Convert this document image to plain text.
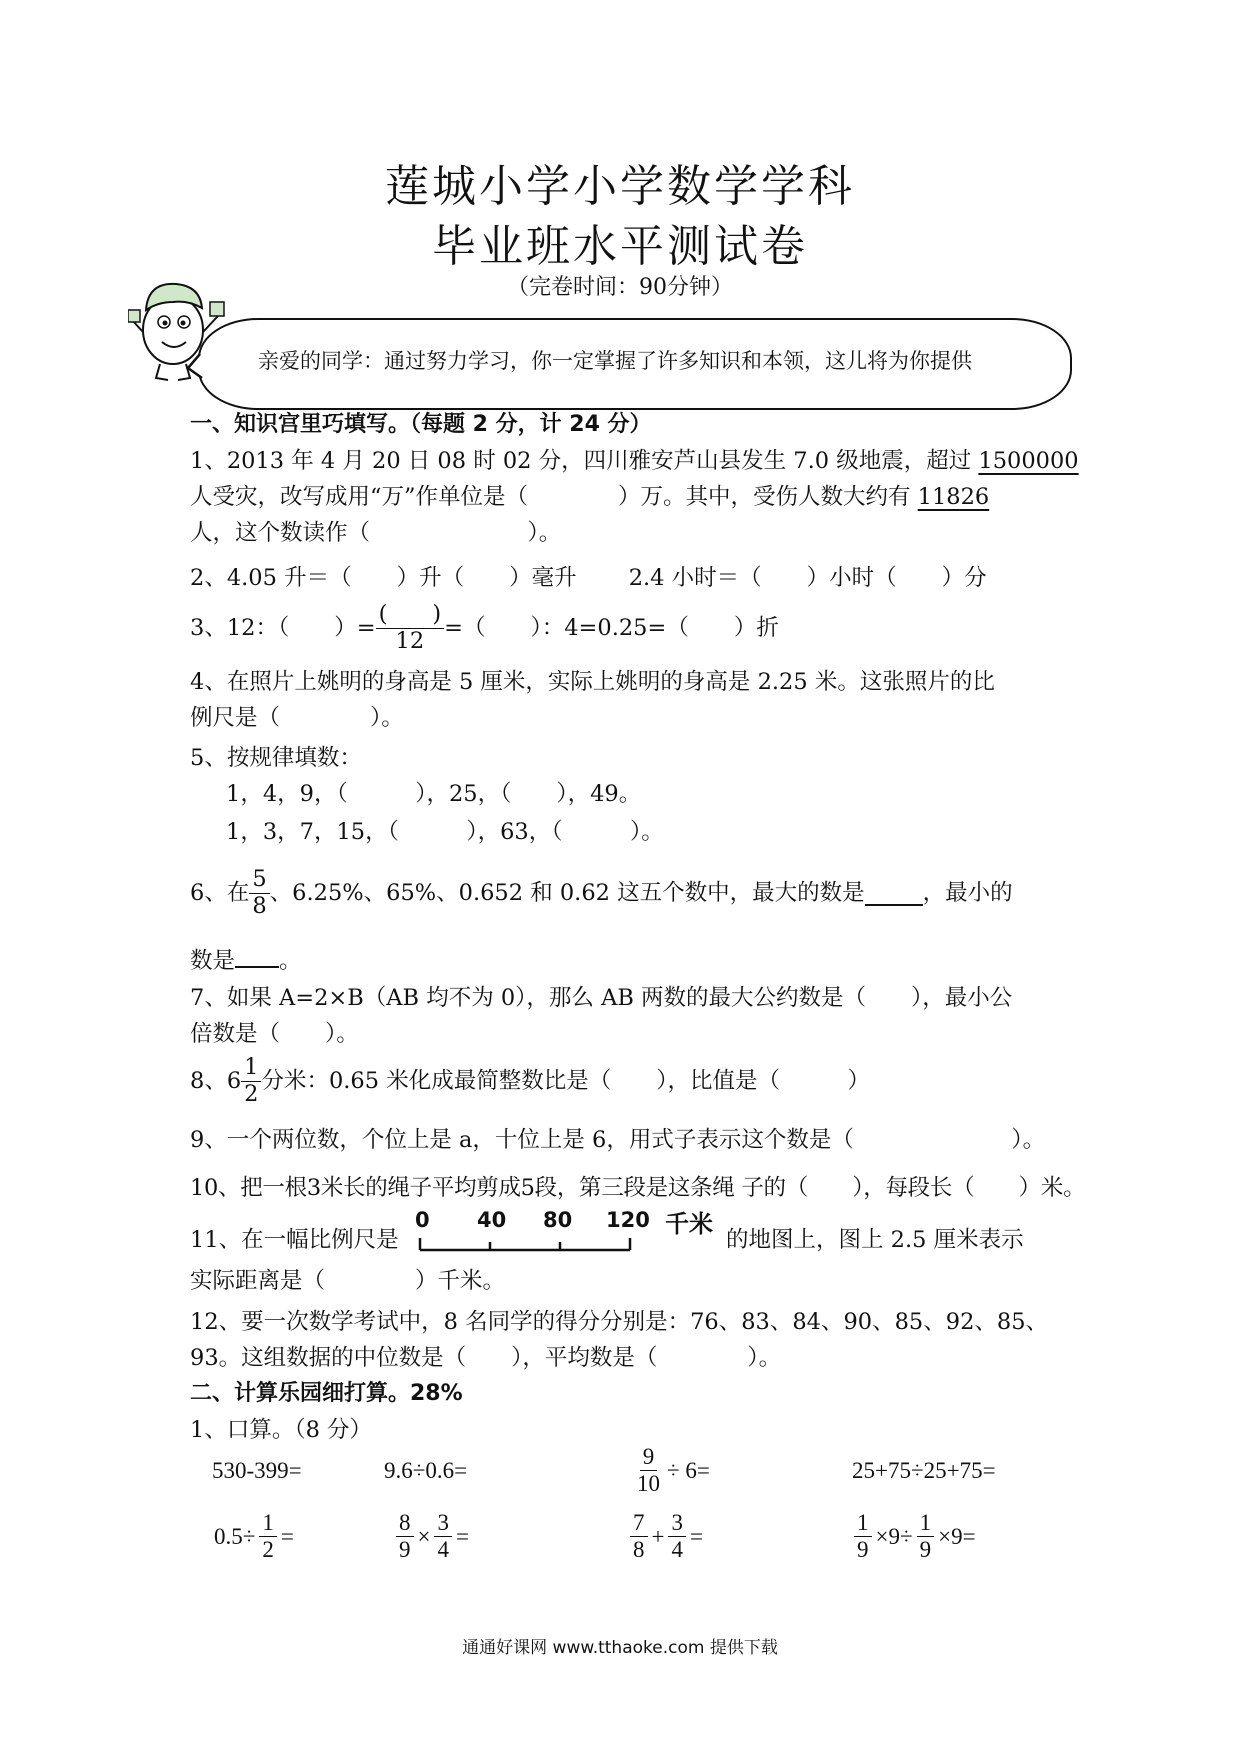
莲城小学小学数学学科
毕业班水平测试卷
（完卷时间：90分钟）
亲爱的同学：通过努力学习，你一定掌握了许多知识和本领，这儿将为你提供
一、知识宫里巧填写。（每题 2 分，计 24 分）
1、2013 年 4 月 20 日 08 时 02 分，四川雅安芦山县发生 7.0 级地震，超过 1500000
人受灾，改写成用“万”作单位是（　　　　）万。其中，受伤人数大约有 11826
人，这个数读作（　　　　　　　）。
2、4.05 升＝（　　）升（　　）毫升　　 2.4 小时＝（　　）小时（　　）分
3、12：（　　）= $\frac{( )}{12}$ =（　　）：4=0.25=（　　）折
4、在照片上姚明的身高是 5 厘米，实际上姚明的身高是 2.25 米。这张照片的比
例尺是（　　　　）。
5、按规律填数：
1，4，9，（　　　），25，（　　），49。
1，3，7，15，（　　　），63，（　　　）。
6、在 $\frac{5}{8}$ 、6.25%、65%、0.652 和 0.62 这五个数中，最大的数是	，最小的
数是 。
7、如果 A=2×B（AB 均不为 0），那么 AB 两数的最大公约数是（　　），最小公
倍数是（　　）。
8、$6 \frac{1}{2}$ 分米：0.65 米化成最简整数比是（　　），比值是（　　　）
9、一个两位数，个位上是 a，十位上是 6，用式子表示这个数是（　　　　　　　）。
10、把一根3米长的绳子平均剪成5段，第三段是这条绳 子的（　　），每段长（　　）米。
11、在一幅比例尺是
0 40 80 120 千米
的地图上，图上 2.5 厘米表示
实际距离是（　　　　）千米。
12、要一次数学考试中，8 名同学的得分分别是：76、83、84、90、85、92、85、
93。这组数据的中位数是（　　），平均数是（　　　　）。
二、计算乐园细打算。28%
1、口算。（8 分）
530-399=	9.6÷0.6=	$\frac{9}{10} \div 6=$	25+75÷25+75=
$0.5\div \frac{1}{2}$ =	$\frac{8}{9} \times \frac{3}{4}$ =	$\frac{7}{8} + \frac{3}{4}$ =	$\frac{1}{9} \times 9\div \frac{1}{9} \times 9=$
通通好课网 www.tthaoke.com 提供下载
